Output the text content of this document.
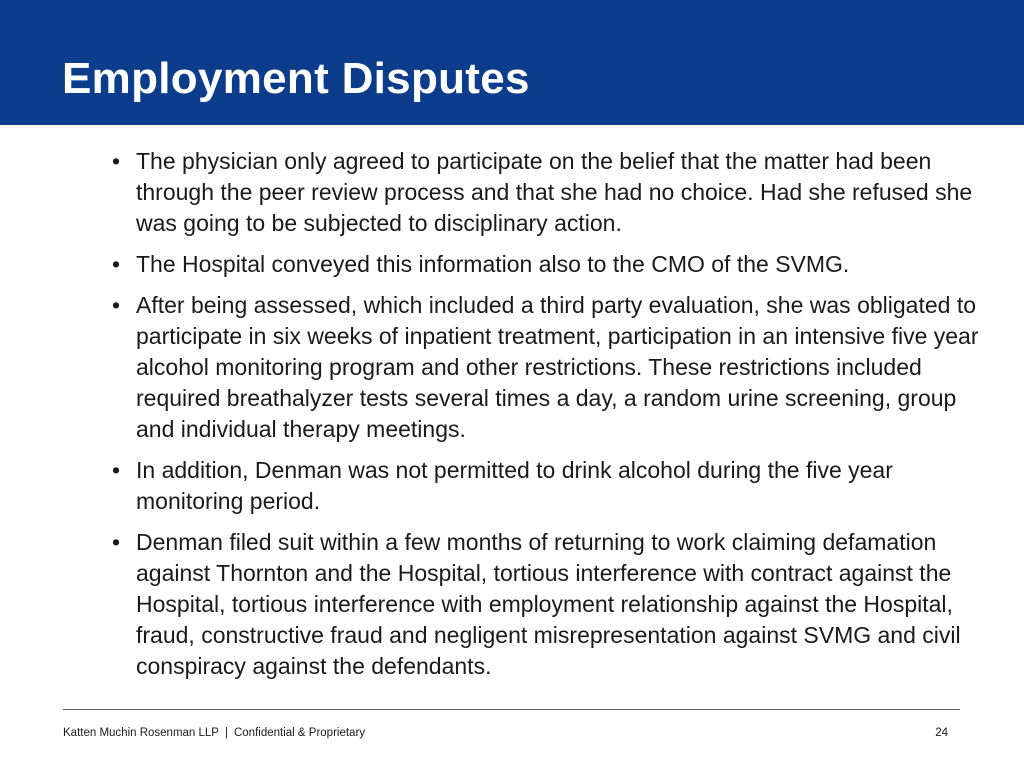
Employment Disputes
• The physician only agreed to participate on the belief that the matter had been through the peer review process and that she had no choice. Had she refused she was going to be subjected to disciplinary action.
• The Hospital conveyed this information also to the CMO of the SVMG.
• After being assessed, which included a third party evaluation, she was obligated to participate in six weeks of inpatient treatment, participation in an intensive five year alcohol monitoring program and other restrictions. These restrictions included required breathalyzer tests several times a day, a random urine screening, group and individual therapy meetings.
• In addition, Denman was not permitted to drink alcohol during the five year monitoring period.
• Denman filed suit within a few months of returning to work claiming defamation against Thornton and the Hospital, tortious interference with contract against the Hospital, tortious interference with employment relationship against the Hospital, fraud, constructive fraud and negligent misrepresentation against SVMG and civil conspiracy against the defendants.
Katten Muchin Rosenman LLP | Confidential & Proprietary	24
